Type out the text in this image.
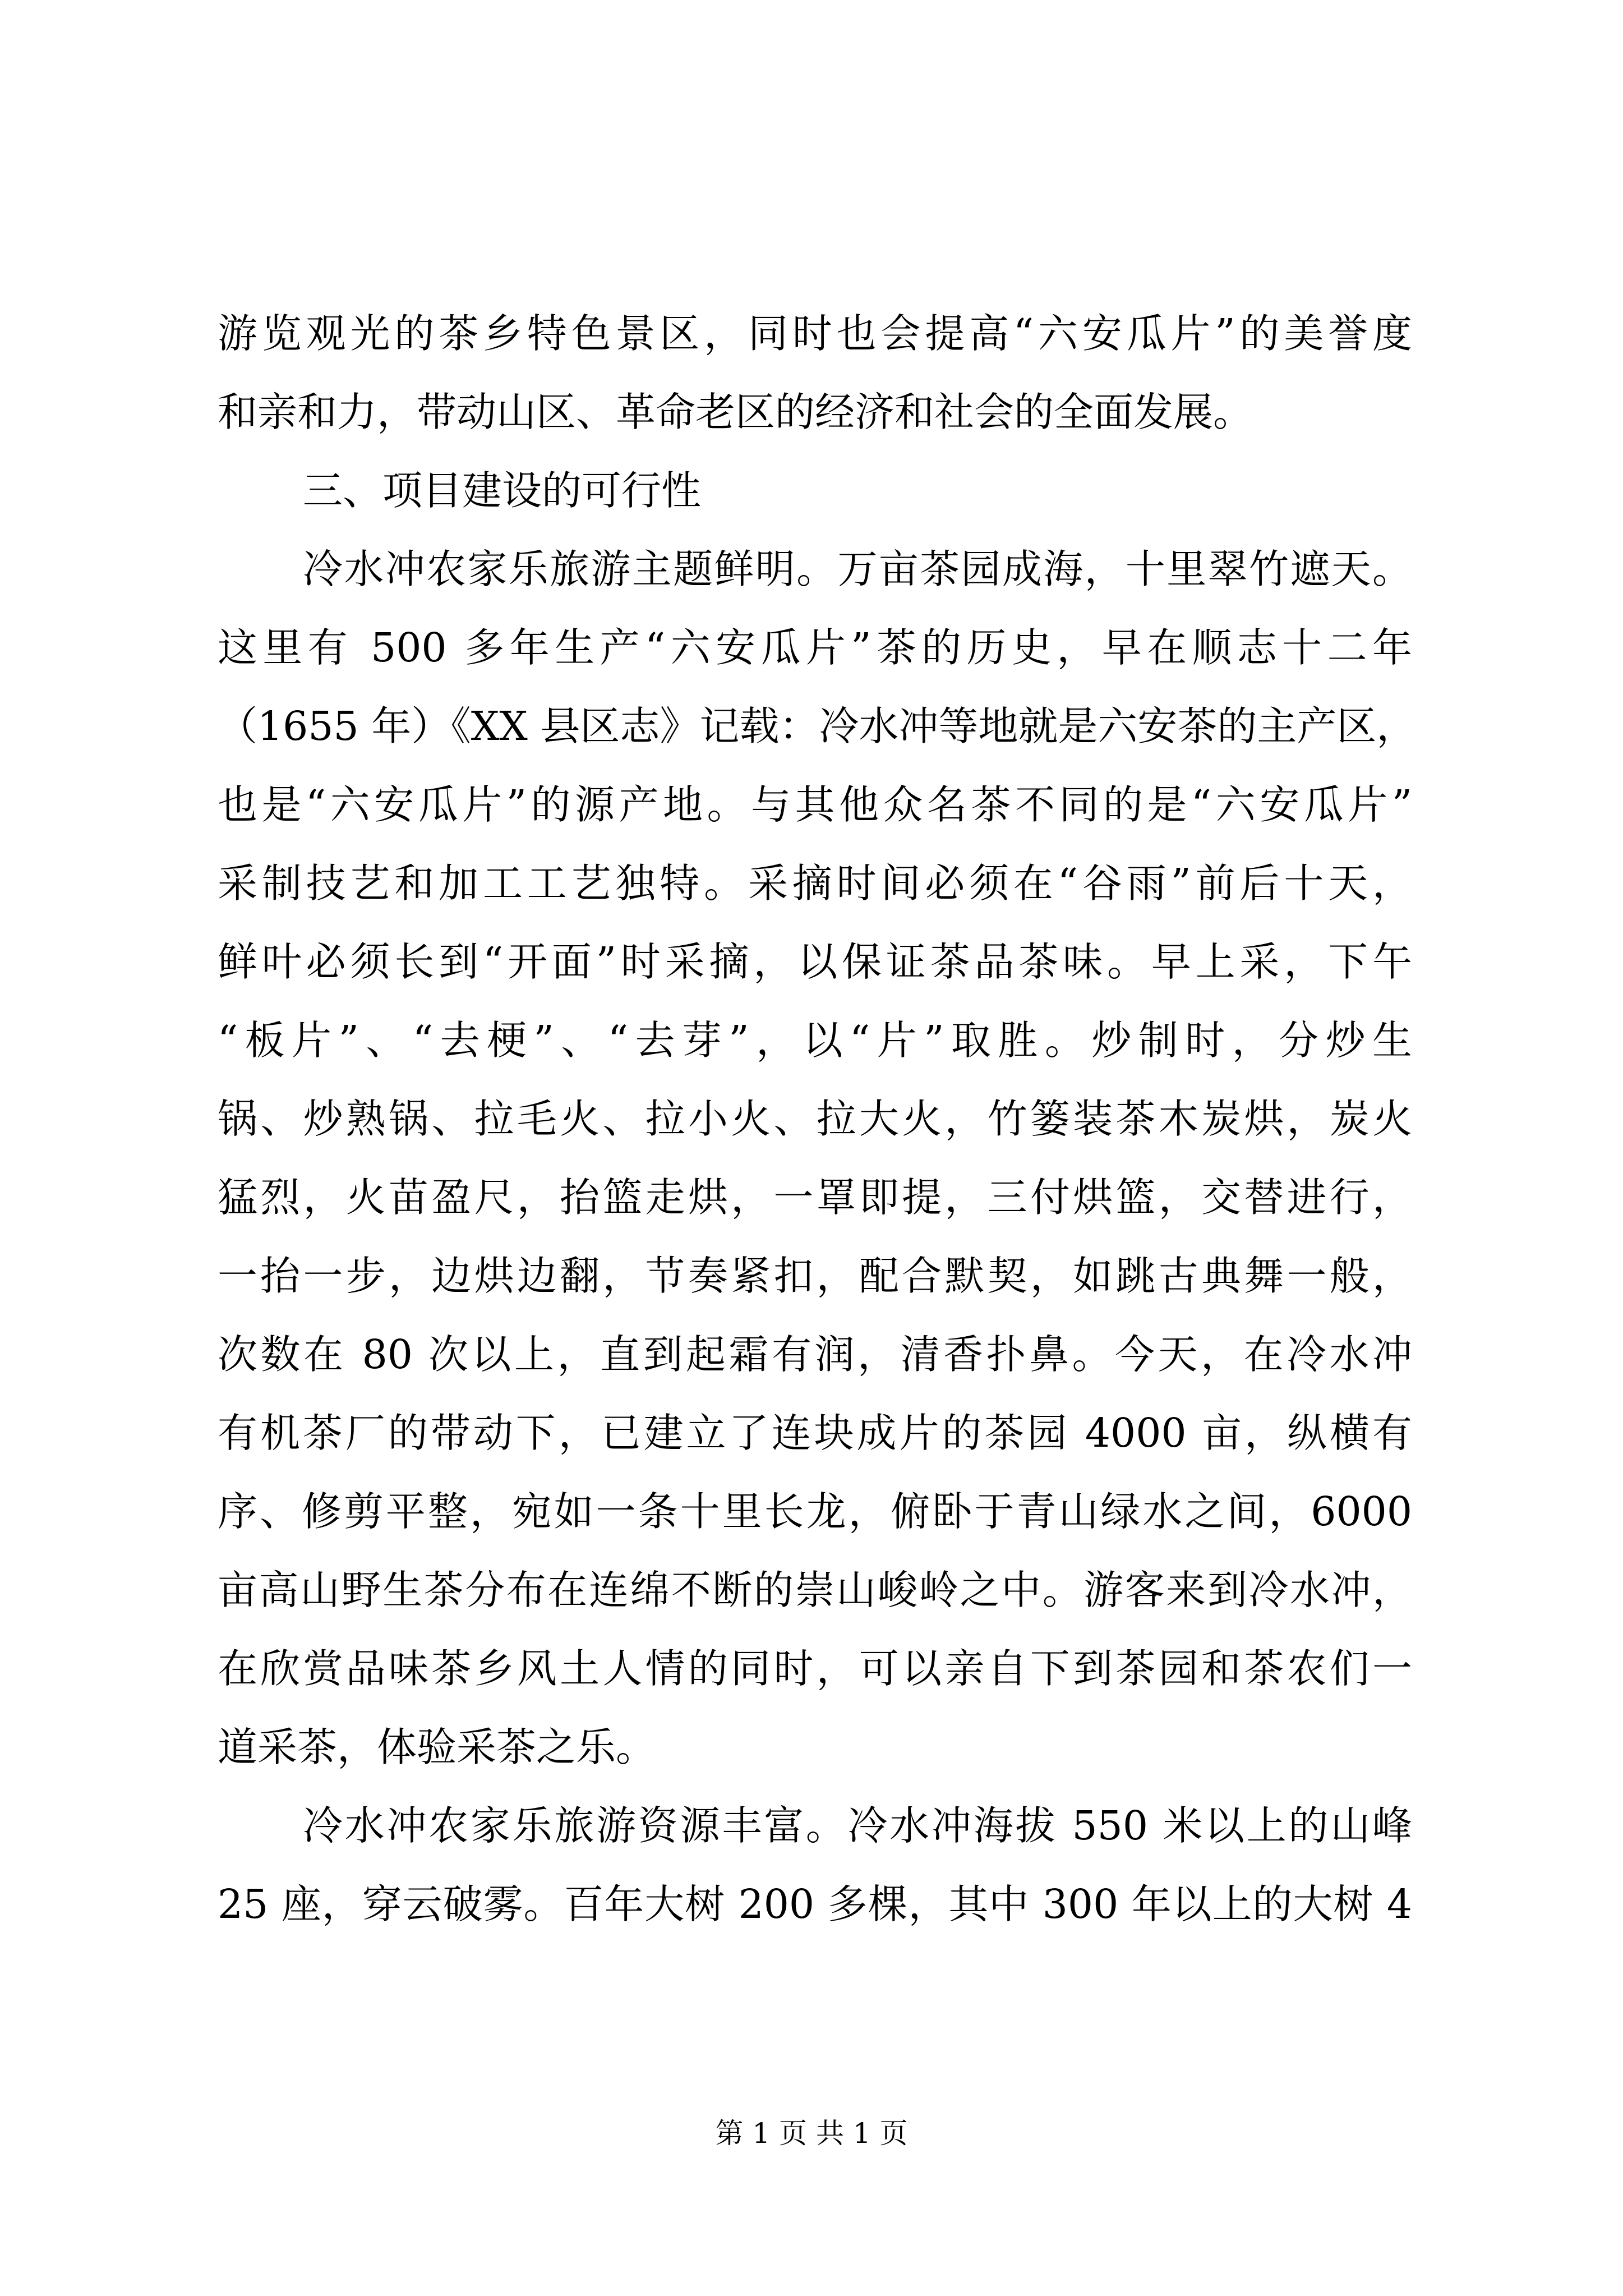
游览观光的茶乡特色景区，同时也会提高“六安瓜片”的美誉度
和亲和力，带动山区、革命老区的经济和社会的全面发展。
三、项目建设的可行性
冷水冲农家乐旅游主题鲜明。万亩茶园成海，十里翠竹遮天。
这里有 500 多年生产“六安瓜片”茶的历史，早在顺志十二年
（1655 年）《XX 县区志》记载：冷水冲等地就是六安茶的主产区，
也是“六安瓜片”的源产地。与其他众名茶不同的是“六安瓜片”
采制技艺和加工工艺独特。采摘时间必须在“谷雨”前后十天，
鲜叶必须长到“开面”时采摘，以保证茶品茶味。早上采，下午
“板片”、“去梗”、“去芽”，以“片”取胜。炒制时，分炒生
锅、炒熟锅、拉毛火、拉小火、拉大火，竹篓装茶木炭烘，炭火
猛烈，火苗盈尺，抬篮走烘，一罩即提，三付烘篮，交替进行，
一抬一步，边烘边翻，节奏紧扣，配合默契，如跳古典舞一般，
次数在 80 次以上，直到起霜有润，清香扑鼻。今天，在冷水冲
有机茶厂的带动下，已建立了连块成片的茶园 4000 亩，纵横有
序、修剪平整，宛如一条十里长龙，俯卧于青山绿水之间，6000
亩高山野生茶分布在连绵不断的崇山峻岭之中。游客来到冷水冲，
在欣赏品味茶乡风土人情的同时，可以亲自下到茶园和茶农们一
道采茶，体验采茶之乐。
冷水冲农家乐旅游资源丰富。冷水冲海拔 550 米以上的山峰
25 座，穿云破雾。百年大树 200 多棵，其中 300 年以上的大树 4
第 1 页 共 1 页
